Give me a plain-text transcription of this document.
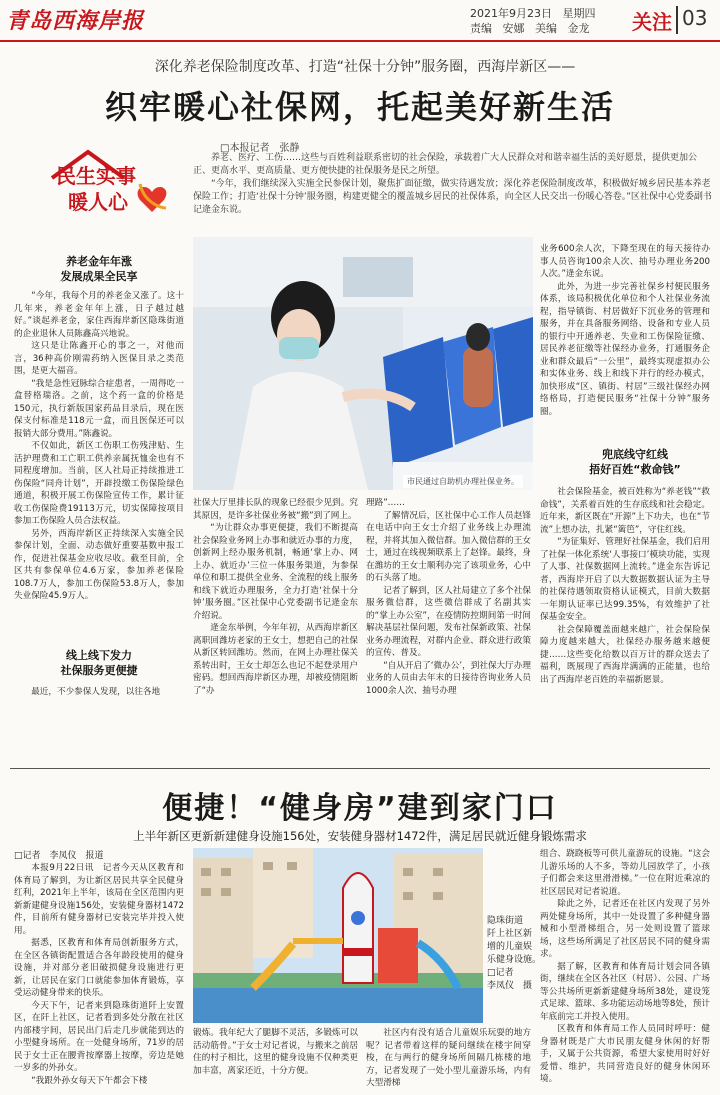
青岛西海岸报	2021年9月23日 星期四
责编 安娜 美编 金龙	关注 03
深化养老保险制度改革、打造“社保十分钟”服务圈，西海岸新区——
织牢暖心社保网，托起美好新生活
□本报记者　张静
民生实事
暖人心

养老、医疗、工伤……这些与百姓利益联系密切的社会保险，承载着广大人民群众对和谐幸福生活的美好愿景，提供更加公正、更高水平、更高质量、更方便快捷的社保服务是民之所望。

“今年，我们继续深入实施全民参保计划，聚焦扩面征缴，做实待遇发放；深化养老保险制度改革，积极做好城乡居民基本养老保险工作；打造‘社保十分钟’服务圈，构建更健全的覆盖城乡居民的社保体系，向全区人民交出一份暖心答卷。”区社保中心党委副书记逄金东说。

养老金年年涨
发展成果全民享

“今年，我每个月的养老金又涨了。这十几年来，养老金年年上涨，日子越过越好。”谈起养老金，家住西海岸新区隐珠街道的企业退休人员陈鑫高兴地说。

这只是让陈鑫开心的事之一，对他而言，36种高价刚需药纳入医保目录之类范围，是更大福音。

“我是急性冠脉综合症患者，一周得吃一盒替格瑞洛。之前，这个药一盒的价格是150元，执行新版国家药品目录后，现在医保支付标准是118元一盒，而且医保还可以报销大部分费用。”陈鑫说。

不仅如此，新区工伤职工伤残津贴、生活护理费和工亡职工供养亲属抚恤金也有不同程度增加。当前，区人社局正持续推进工伤保险“同舟计划”，开辟投缴工伤保险绿色通道，积极开展工伤保险宣传工作，累计征收工伤保险费19113万元，切实保障按项目参加工伤保险人员合法权益。

另外，西海岸新区正持续深入实施全民参保计划，全面、动态做好重要基数申报工作，促进社保基金应收尽收。截至目前，全区共有参保单位4.6万家，参加养老保险108.7万人，参加工伤保险53.8万人，参加失业保险45.9万人。

线上线下发力
社保服务更便捷

最近，不少参保人发现，以往各地

市民通过自助机办理社保业务。

社保大厅里排长队的现象已经很少见到。究其原因，是许多社保业务被“搬”到了网上。

“为让群众办事更便捷，我们不断提高社会保险业务网上办事和就近办事的力度，创新网上经办服务机制，畅通‘掌上办、网上办、就近办’三位一体服务渠道，为参保单位和职工提供全业务、全流程的线上服务和线下就近办理服务，全力打造‘社保十分钟’服务圈。”区社保中心党委副书记逄金东介绍说。

逄金东举例，今年年初，从西海岸新区离职回潍坊老家的王女士，想把自己的社保从新区转回潍坊。然而，在网上办理社保关系转出时，王女士却怎么也记不起登录用户密码。想回西海岸新区办理，却被疫情阻断了“办

理路”……

了解情况后，区社保中心工作人员赵锋在电话中向王女士介绍了业务线上办理流程，并将其加入微信群。加入微信群的王女士，通过在线视频联系上了赵锋。最终，身在潍坊的王女士顺利办完了该项业务，心中的石头落了地。

记者了解到，区人社局建立了多个社保服务微信群，这些微信群成了名副其实的“掌上办公室”，在疫情防控期间第一时间解决基层社保问题，发布社保新政策、社保业务办理流程，对群内企业、群众进行政策的宣传、普及。

“自从开启了‘微办公’，到社保大厅办理业务的人员由去年末的日接待咨询业务人员1000余人次、抽号办理

业务600余人次，下降至现在的每天接待办事人员咨询100余人次、抽号办理业务200人次。”逄金东说。

此外，为进一步完善社保乡村便民服务体系，该局积极优化单位和个人社保业务流程，指导镇街、村居做好下沉业务的管理和服务，并在具备服务网络、设备和专业人员的银行中开通养老、失业和工伤保险征缴、居民养老征缴等社保经办业务，打通服务企业和群众最后“一公里”，最终实现虚拟办公和实体业务、线上和线下并行的经办模式，加快形成“区、镇街、村居”三级社保经办网络格局，打造便民服务“社保十分钟”服务圈。

兜底线守红线
捂好百姓“救命钱”

社会保险基金，被百姓称为“养老钱”“救命钱”，关系着百姓的生存底线和社会稳定。近年来，新区既在“开源”上下功夫，也在“节流”上想办法，扎紧“篱笆”，守住红线。

“为征集好、管理好社保基金，我们启用了社保一体化系统‘人事接口’模块功能，实现了人事、社保数据网上流转。”逄金东告诉记者，西海岸开启了以大数据数据认证为主导的社保待遇领取资格认证模式，目前大数据一年期认证率已达99.35%，有效维护了社保基金安全。

社会保障覆盖面越来越广，社会保险保障力度越来越大，社保经办服务越来越便捷……这些变化给数以百万计的群众送去了福利，既展现了西海岸满满的正能量，也给出了西海岸老百姓的幸福新愿景。

便捷！“健身房”建到家门口
上半年新区更新新建健身设施156处，安装健身器材1472件，满足居民就近健身锻炼需求
□记者　李凤仪　报道

本报9月22日讯　记者今天从区教育和体育局了解到，为让新区居民共享全民健身红利，2021年上半年，该局在全区范围内更新新建健身设施156处，安装健身器材1472件，目前所有健身器材已安装完毕并投入使用。

据悉，区教育和体育局创新服务方式，在全区各镇街配置适合各年龄段使用的健身设施，并对部分老旧破损健身设施进行更新，让居民在家门口就能参加体育锻炼，享受运动健身带来的快乐。

今天下午，记者来到隐珠街道阡上安置区，在阡上社区，记者看到多处分散在社区内部楼宇间，居民出门后走几步就能到达的小型健身场所。在一处健身场所，71岁的居民于女士正在腰背按摩器上按摩，旁边是她一岁多的外孙女。

“我跟外孙女每天下午都会下楼

隐珠街道
阡上社区新
增的儿童娱
乐健身设施。
□记者
李凤仪　摄

锻炼。我年纪大了腿脚不灵活，多锻炼可以活动筋骨。”于女士对记者说，与搬来之前居住的村子相比，这里的健身设施不仅种类更加丰富，离家还近，十分方便。

社区内有没有适合儿童娱乐玩耍的地方呢？记者带着这样的疑问继续在楼宇间穿梭，在与两行的健身场所间隔几栋楼的地方，记者发现了一处小型儿童游乐场，内有大型滑梯

组合、跷跷板等可供儿童游玩的设施。“这会儿游乐场的人不多，等幼儿园放学了，小孩子们都会来这里滑滑梯。”一位在附近乘凉的社区居民对记者说道。

除此之外，记者还在社区内发现了另外两处健身场所，其中一处设置了多种健身器械和小型滑梯组合，另一处则设置了篮球场，这些场所满足了社区居民不同的健身需求。

据了解，区教育和体育局计划会同各镇街，继续在全区各社区（村居）、公园、广场等公共场所更新新建健身场所38处，建设笼式足球、篮球、多功能运动场地等8处，预计年底前完工并投入使用。

区教育和体育局工作人员同时呼吁：健身器材既是广大市民朋友健身休闲的好帮手，又属于公共资源，希望大家使用时好好爱惜、维护，共同营造良好的健身休闲环境。
